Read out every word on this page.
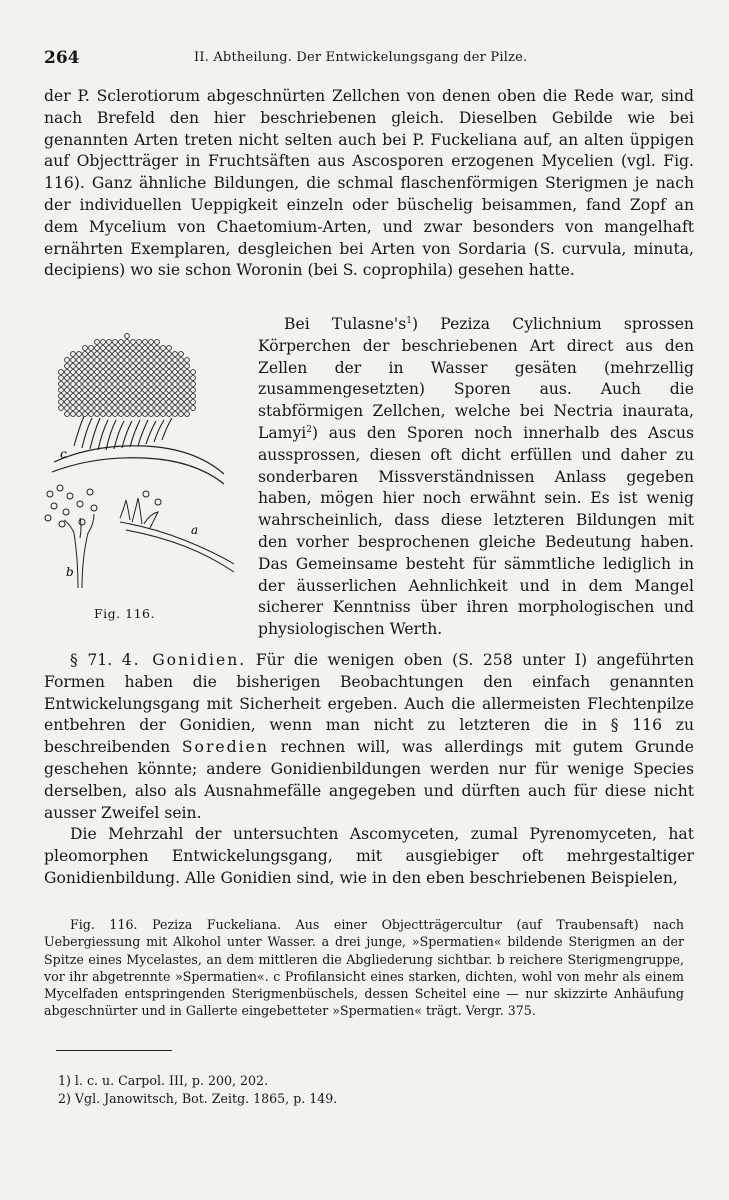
264	II. Abtheilung. Der Entwickelungsgang der Pilze.

der P. Sclerotiorum abgeschnürten Zellchen von denen oben die Rede war, sind nach Brefeld den hier beschriebenen gleich. Dieselben Gebilde wie bei genannten Arten treten nicht selten auch bei P. Fuckeliana auf, an alten üppigen auf Objectträger in Fruchtsäften aus Ascosporen erzogenen Mycelien (vgl. Fig. 116). Ganz ähnliche Bildungen, die schmal flaschenförmigen Sterigmen je nach der individuellen Ueppigkeit einzeln oder büschelig beisammen, fand Zopf an dem Mycelium von Chaetomium-Arten, und zwar besonders von mangelhaft ernährten Exemplaren, desgleichen bei Arten von Sordaria (S. curvula, minuta, decipiens) wo sie schon Woronin (bei S. coprophila) gesehen hatte.

Bei $Tulasne's^1$) Peziza Cylichnium sprossen Körperchen der beschriebenen Art direct aus den Zellen der in Wasser gesäten (mehrzellig zusammengesetzten) Sporen aus. Auch die stabförmigen Zellchen, welche bei Nectria inaurata, Lamyi$^2$) aus den Sporen noch innerhalb des Ascus aussprossen, diesen oft dicht erfüllen und daher zu sonderbaren Missverständnissen Anlass gegeben haben, mögen hier noch erwähnt sein. Es ist wenig wahrscheinlich, dass diese letzteren Bildungen mit den vorher besprochenen gleiche Bedeutung haben. Das Gemeinsame besteht für sämmtliche lediglich in der äusserlichen Aehnlichkeit und in dem Mangel sicherer Kenntniss über ihren morphologischen und physiologischen Werth.

c
b
a
Fig. 116.

§ 71. 4. Gonidien. Für die wenigen oben (S. 258 unter I) angeführten Formen haben die bisherigen Beobachtungen den einfach genannten Entwickelungsgang mit Sicherheit ergeben. Auch die allermeisten Flechtenpilze entbehren der Gonidien, wenn man nicht zu letzteren die in § 116 zu beschreibenden Soredien rechnen will, was allerdings mit gutem Grunde geschehen könnte; andere Gonidienbildungen werden nur für wenige Species derselben, also als Ausnahmefälle angegeben und dürften auch für diese nicht ausser Zweifel sein.

Die Mehrzahl der untersuchten Ascomyceten, zumal Pyrenomyceten, hat pleomorphen Entwickelungsgang, mit ausgiebiger oft mehrgestaltiger Gonidienbildung. Alle Gonidien sind, wie in den eben beschriebenen Beispielen,

Fig. 116. Peziza Fuckeliana. Aus einer Objectträgercultur (auf Traubensaft) nach Uebergiessung mit Alkohol unter Wasser. a drei junge, »Spermatien« bildende Sterigmen an der Spitze eines Mycelastes, an dem mittleren die Abgliederung sichtbar. b reichere Sterigmengruppe, vor ihr abgetrennte »Spermatien«. c Profilansicht eines starken, dichten, wohl von mehr als einem Mycelfaden entspringenden Sterigmenbüschels, dessen Scheitel eine — nur skizzirte Anhäufung abgeschnürter und in Gallerte eingebetteter »Spermatien« trägt. Vergr. 375.

1) l. c. u. Carpol. III, p. 200, 202.
2) Vgl. Janowitsch, Bot. Zeitg. 1865, p. 149.
